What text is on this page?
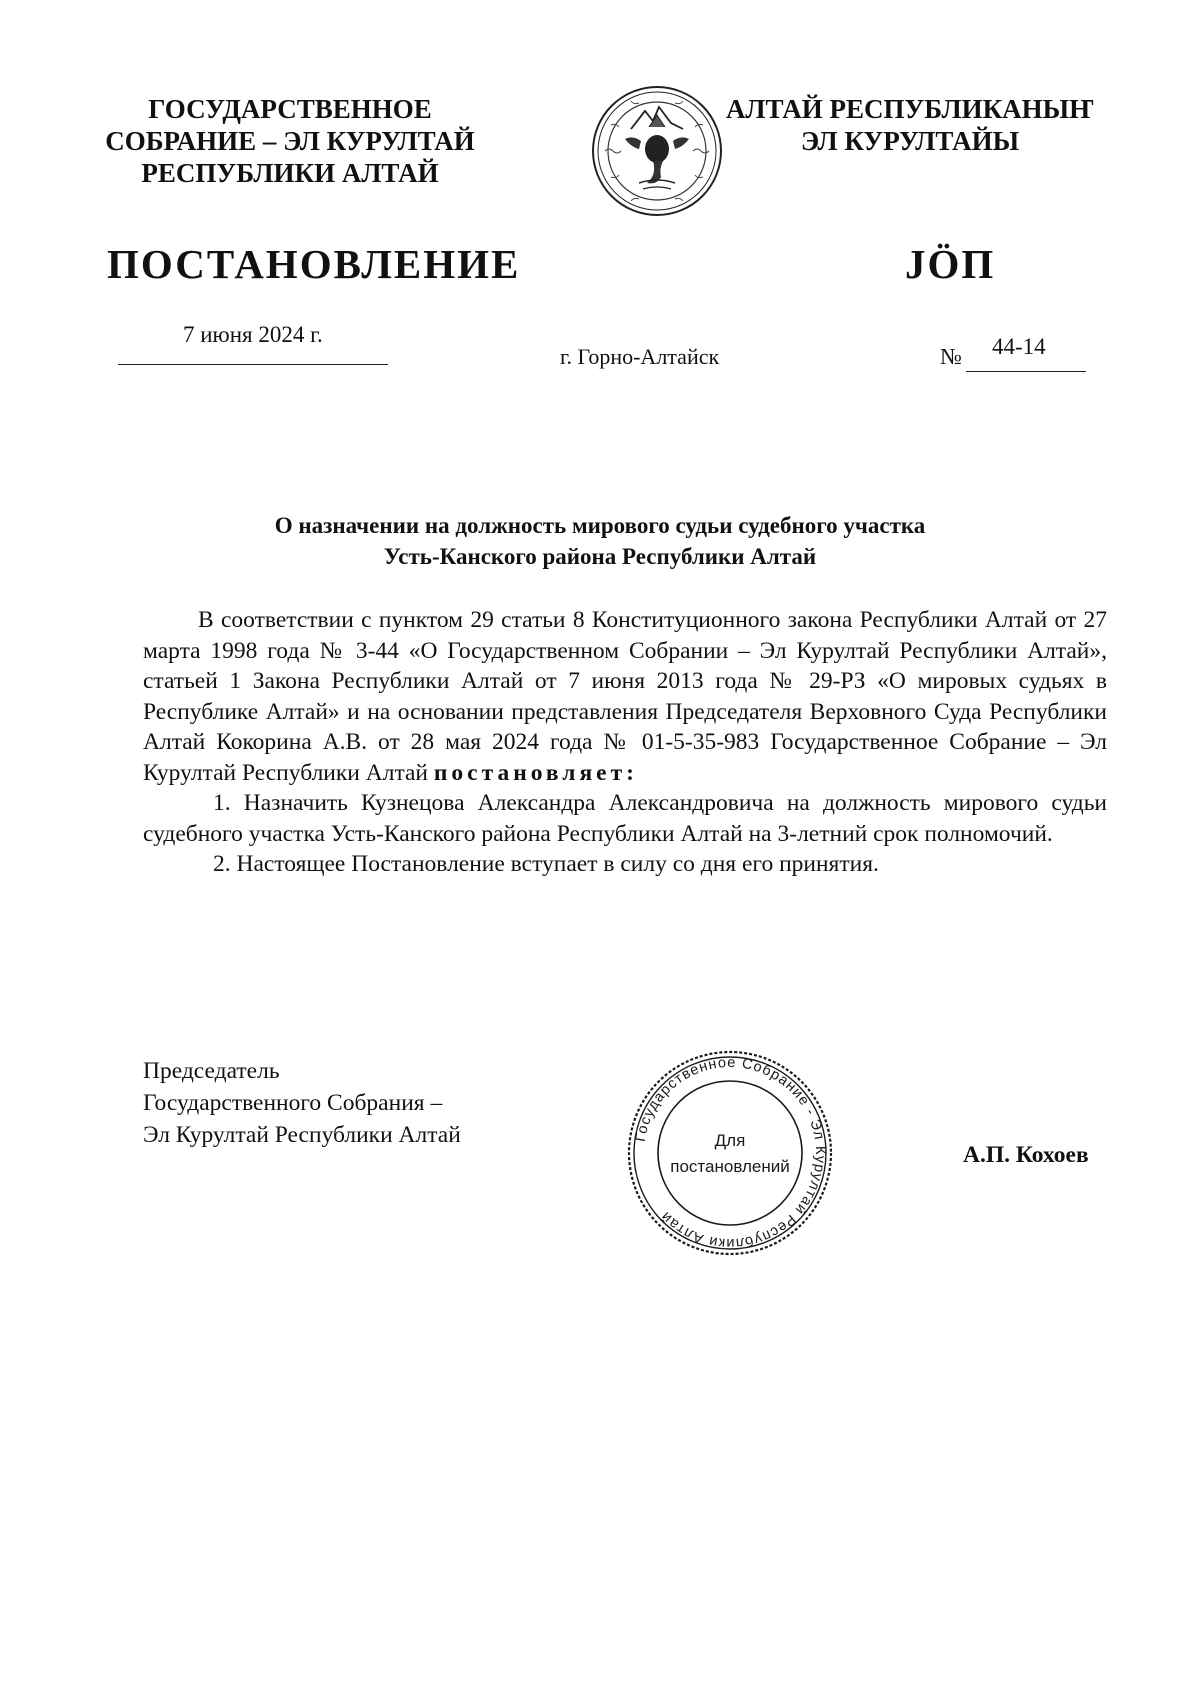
ГОСУДАРСТВЕННОЕ
СОБРАНИЕ – ЭЛ КУРУЛТАЙ
РЕСПУБЛИКИ АЛТАЙ
АЛТАЙ РЕСПУБЛИКАНЫҤ
ЭЛ КУРУЛТАЙЫ
ПОСТАНОВЛЕНИЕ	JӦП
7 июня 2024 г.
г. Горно-Алтайск	№ 44-14
О назначении на должность мирового судьи судебного участка
Усть-Канского района Республики Алтай

В соответствии с пунктом 29 статьи 8 Конституционного закона Республики Алтай от 27 марта 1998 года № 3-44 «О Государственном Собрании – Эл Курултай Республики Алтай», статьей 1 Закона Республики Алтай от 7 июня 2013 года № 29-РЗ «О мировых судьях в Республике Алтай» и на основании представления Председателя Верховного Суда Республики Алтай Кокорина А.В. от 28 мая 2024 года № 01-5-35-983 Государственное Собрание – Эл Курултай Республики Алтай постановляет:

1. Назначить Кузнецова Александра Александровича на должность мирового судьи судебного участка Усть-Канского района Республики Алтай на 3-летний срок полномочий.

2. Настоящее Постановление вступает в силу со дня его принятия.

Председатель
Государственного Собрания –
Эл Курултай Республики Алтай	Государственное Собрание - Эл Курултай Республики Алтай
Для
постановлений	А.П. Кохоев
